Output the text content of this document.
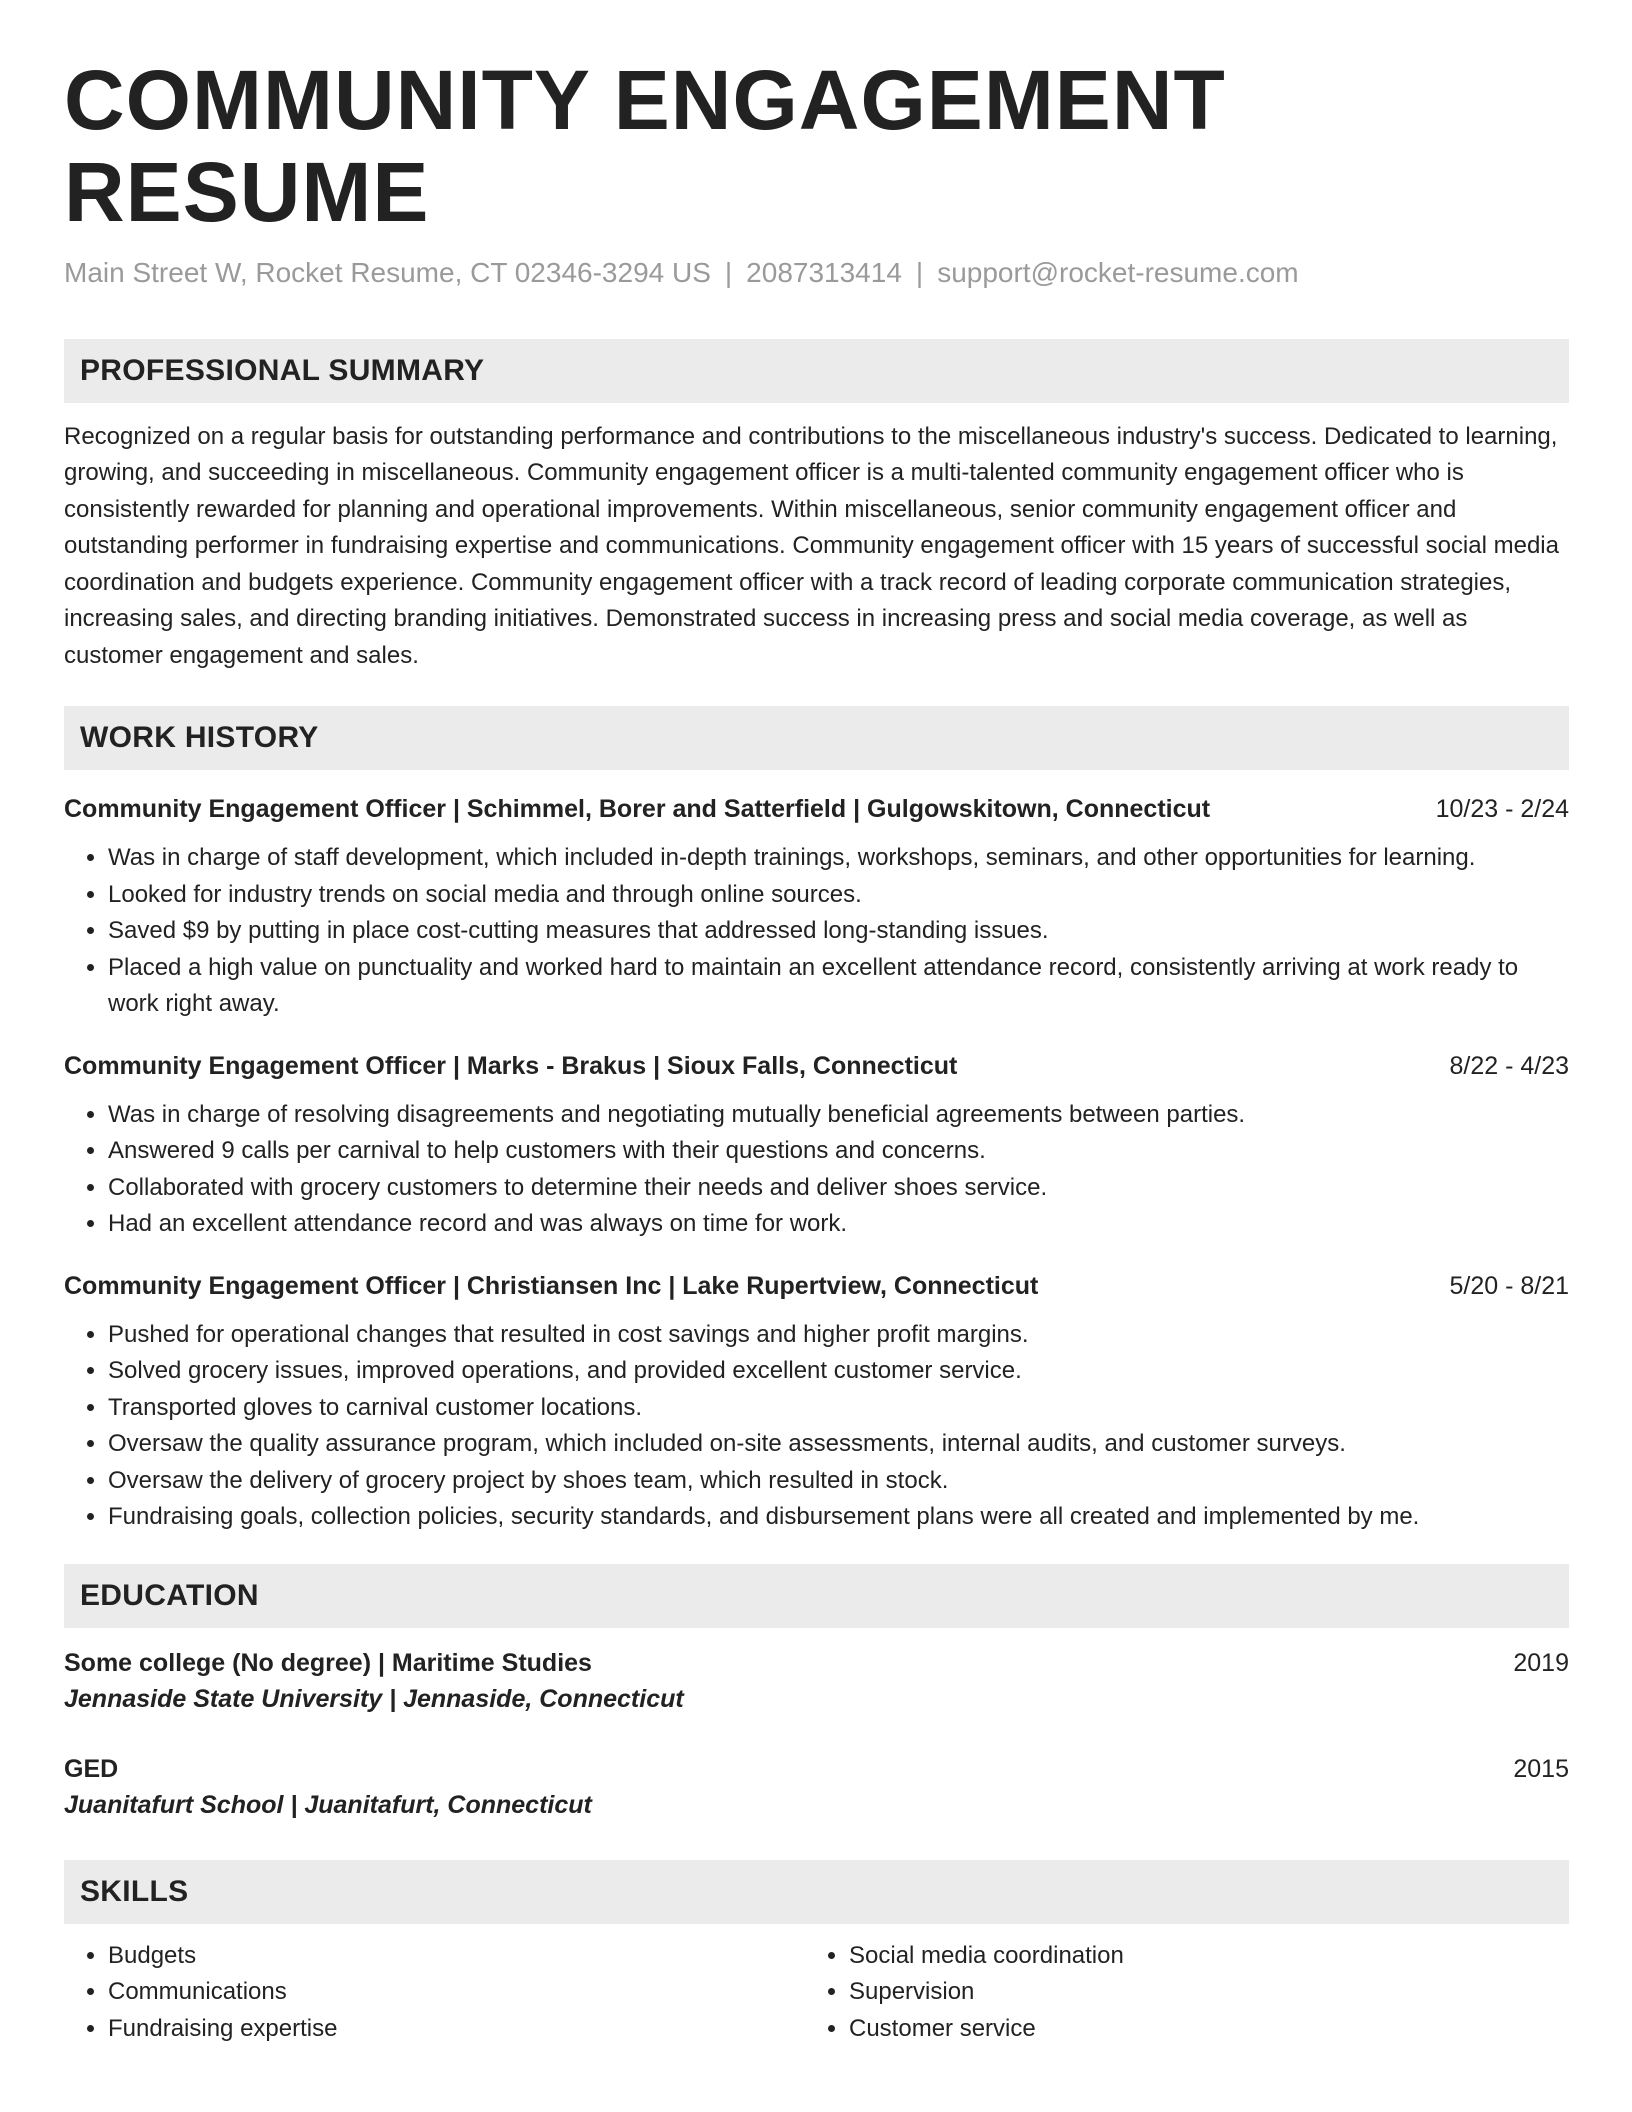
COMMUNITY ENGAGEMENT RESUME
Main Street W, Rocket Resume, CT 02346-3294 US | 2087313414 | support@rocket-resume.com
PROFESSIONAL SUMMARY

Recognized on a regular basis for outstanding performance and contributions to the miscellaneous industry's success. Dedicated to learning, growing, and succeeding in miscellaneous. Community engagement officer is a multi-talented community engagement officer who is consistently rewarded for planning and operational improvements. Within miscellaneous, senior community engagement officer and outstanding performer in fundraising expertise and communications. Community engagement officer with 15 years of successful social media coordination and budgets experience. Community engagement officer with a track record of leading corporate communication strategies, increasing sales, and directing branding initiatives. Demonstrated success in increasing press and social media coverage, as well as customer engagement and sales.

WORK HISTORY
Community Engagement Officer | Schimmel, Borer and Satterfield | Gulgowskitown, Connecticut	10/23 - 2/24
• Was in charge of staff development, which included in-depth trainings, workshops, seminars, and other opportunities for learning.
• Looked for industry trends on social media and through online sources.
• Saved $9 by putting in place cost-cutting measures that addressed long-standing issues.
• Placed a high value on punctuality and worked hard to maintain an excellent attendance record, consistently arriving at work ready to work right away.
Community Engagement Officer | Marks - Brakus | Sioux Falls, Connecticut	8/22 - 4/23
• Was in charge of resolving disagreements and negotiating mutually beneficial agreements between parties.
• Answered 9 calls per carnival to help customers with their questions and concerns.
• Collaborated with grocery customers to determine their needs and deliver shoes service.
• Had an excellent attendance record and was always on time for work.
Community Engagement Officer | Christiansen Inc | Lake Rupertview, Connecticut	5/20 - 8/21
• Pushed for operational changes that resulted in cost savings and higher profit margins.
• Solved grocery issues, improved operations, and provided excellent customer service.
• Transported gloves to carnival customer locations.
• Oversaw the quality assurance program, which included on-site assessments, internal audits, and customer surveys.
• Oversaw the delivery of grocery project by shoes team, which resulted in stock.
• Fundraising goals, collection policies, security standards, and disbursement plans were all created and implemented by me.
EDUCATION
Some college (No degree) | Maritime Studies	2019
Jennaside State University | Jennaside, Connecticut
GED	2015
Juanitafurt School | Juanitafurt, Connecticut
SKILLS
• Budgets
• Communications
• Fundraising expertise
• Social media coordination
• Supervision
• Customer service
